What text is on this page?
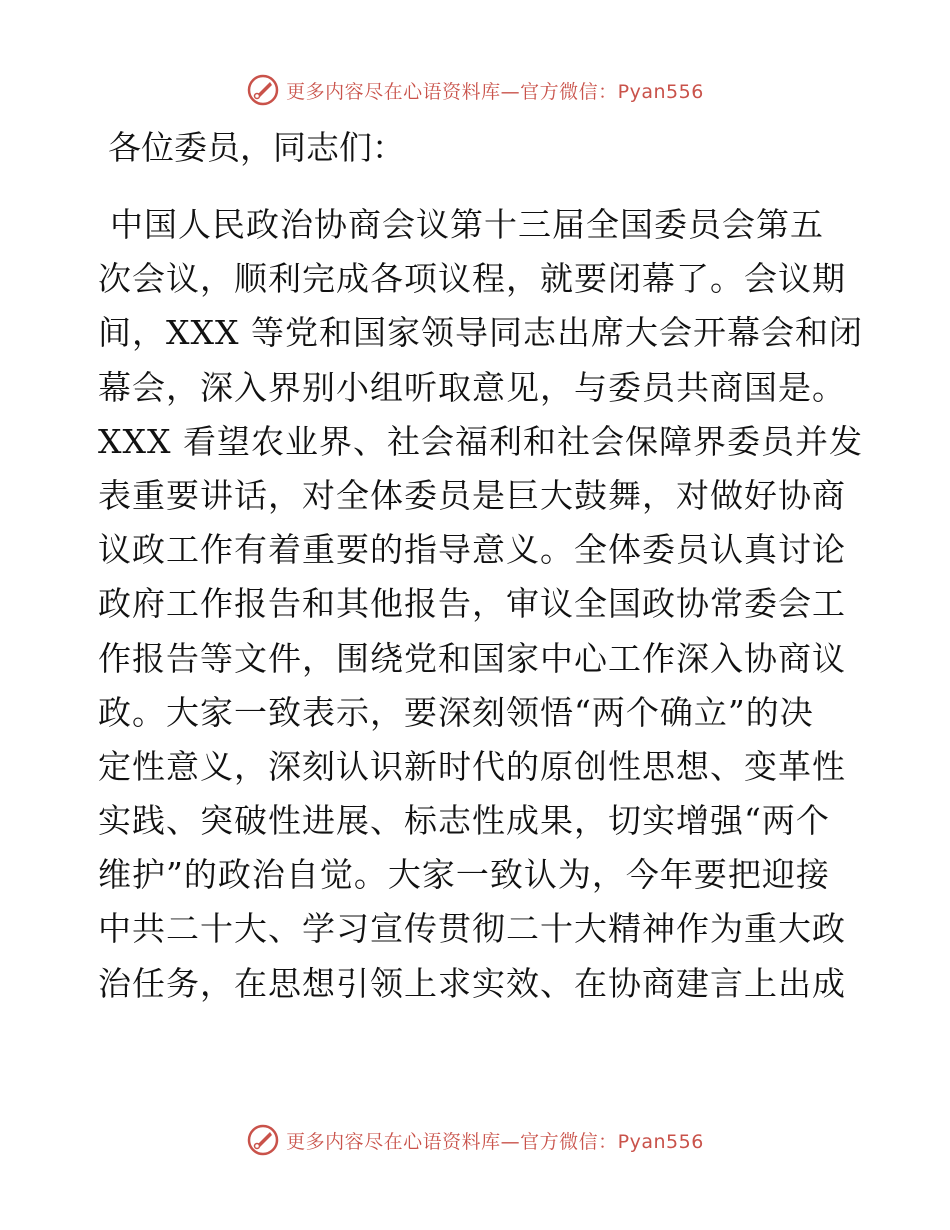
更多内容尽在心语资料库—官方微信：Pyan556

各位委员，同志们：

中国人民政治协商会议第十三届全国委员会第五
次会议，顺利完成各项议程，就要闭幕了。会议期
间，XXX 等党和国家领导同志出席大会开幕会和闭
幕会，深入界别小组听取意见，与委员共商国是。
XXX 看望农业界、社会福利和社会保障界委员并发
表重要讲话，对全体委员是巨大鼓舞，对做好协商
议政工作有着重要的指导意义。全体委员认真讨论
政府工作报告和其他报告，审议全国政协常委会工
作报告等文件，围绕党和国家中心工作深入协商议
政。大家一致表示，要深刻领悟“两个确立”的决
定性意义，深刻认识新时代的原创性思想、变革性
实践、突破性进展、标志性成果，切实增强“两个
维护”的政治自觉。大家一致认为，今年要把迎接
中共二十大、学习宣传贯彻二十大精神作为重大政
治任务，在思想引领上求实效、在协商建言上出成
更多内容尽在心语资料库—官方微信：Pyan556
